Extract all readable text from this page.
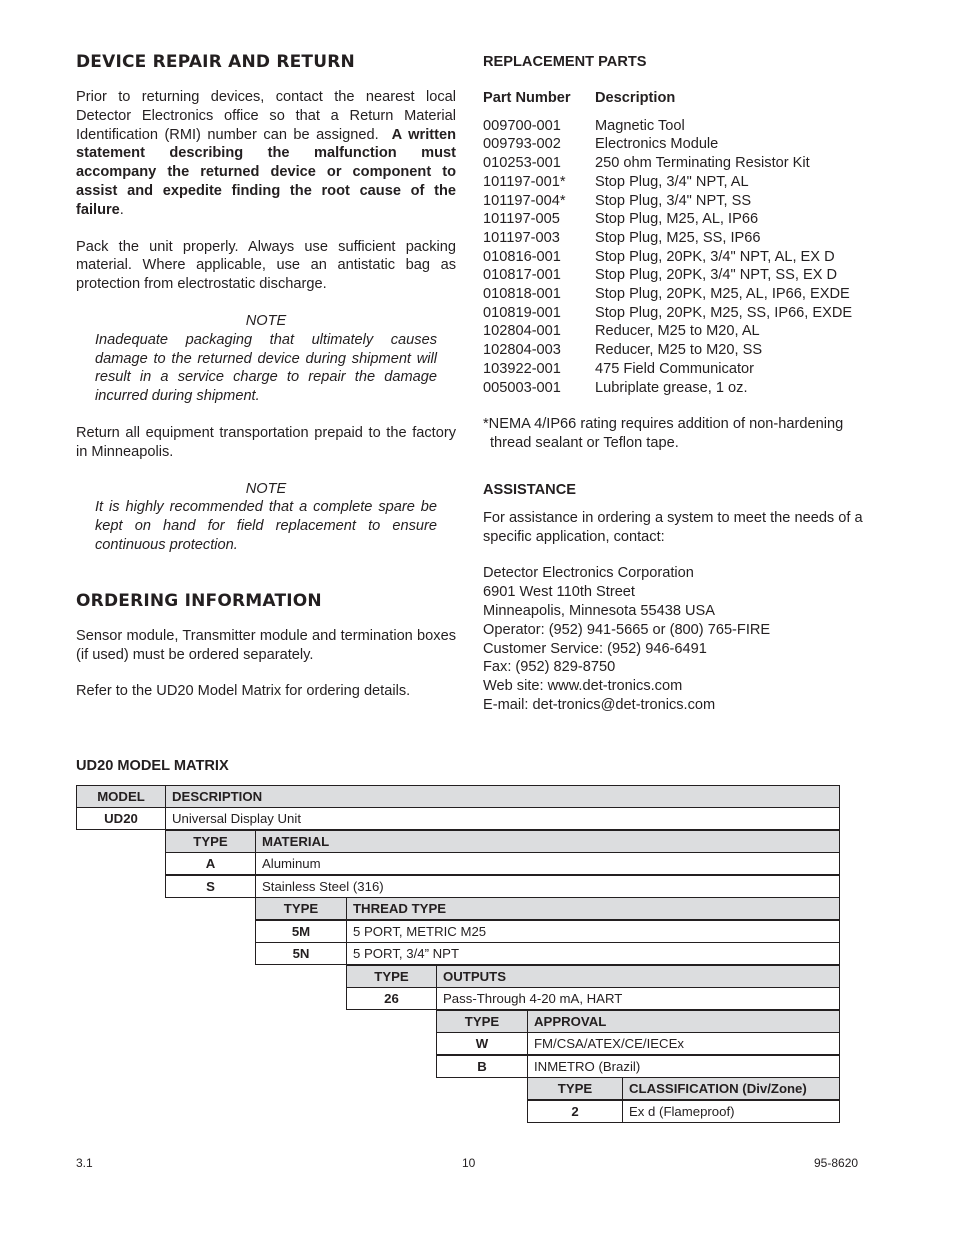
DEVICE REPAIR AND RETURN

Prior to returning devices, contact the nearest local Detector Electronics office so that a Return Material Identification (RMI) number can be assigned. A written statement describing the malfunction must accompany the returned device or component to assist and expedite finding the root cause of the failure.

Pack the unit properly. Always use sufficient packing material. Where applicable, use an antistatic bag as protection from electrostatic discharge.

NOTE
Inadequate packaging that ultimately causes damage to the returned device during shipment will result in a service charge to repair the damage incurred during shipment.

Return all equipment transportation prepaid to the factory in Minneapolis.

NOTE
It is highly recommended that a complete spare be kept on hand for field replacement to ensure continuous protection.
ORDERING INFORMATION

Sensor module, Transmitter module and termination boxes (if used) must be ordered separately.

Refer to the UD20 Model Matrix for ordering details.

REPLACEMENT PARTS
Part Number	Description
009700-001	Magnetic Tool
009793-002	Electronics Module
010253-001	250 ohm Terminating Resistor Kit
101197-001*	Stop Plug, 3/4" NPT, AL
101197-004*	Stop Plug, 3/4" NPT, SS
101197-005	Stop Plug, M25, AL, IP66
101197-003	Stop Plug, M25, SS, IP66
010816-001	Stop Plug, 20PK, 3/4" NPT, AL, EX D
010817-001	Stop Plug, 20PK, 3/4" NPT, SS, EX D
010818-001	Stop Plug, 20PK, M25, AL, IP66, EXDE
010819-001	Stop Plug, 20PK, M25, SS, IP66, EXDE
102804-001	Reducer, M25 to M20, AL
102804-003	Reducer, M25 to M20, SS
103922-001	475 Field Communicator
005003-001	Lubriplate grease, 1 oz.
*NEMA 4/IP66 rating requires addition of non-hardening thread sealant or Teflon tape.
ASSISTANCE

For assistance in ordering a system to meet the needs of a specific application, contact:

Detector Electronics Corporation
6901 West 110th Street
Minneapolis, Minnesota 55438 USA
Operator: (952) 941-5665 or (800) 765-FIRE
Customer Service: (952) 946-6491
Fax: (952) 829-8750
Web site: www.det-tronics.com
E-mail: det-tronics@det-tronics.com
UD20 MODEL MATRIX
MODEL	DESCRIPTION
UD20	Universal Display Unit
TYPE	MATERIAL
A	Aluminum
S	Stainless Steel (316)
TYPE	THREAD TYPE
5M	5 PORT, METRIC M25
5N	5 PORT, 3/4” NPT
TYPE	OUTPUTS
26	Pass-Through 4-20 mA, HART
TYPE	APPROVAL
W	FM/CSA/ATEX/CE/IECEx
B	INMETRO (Brazil)
TYPE	CLASSIFICATION (Div/Zone)
2	Ex d (Flameproof)
3.1	10	95-8620
